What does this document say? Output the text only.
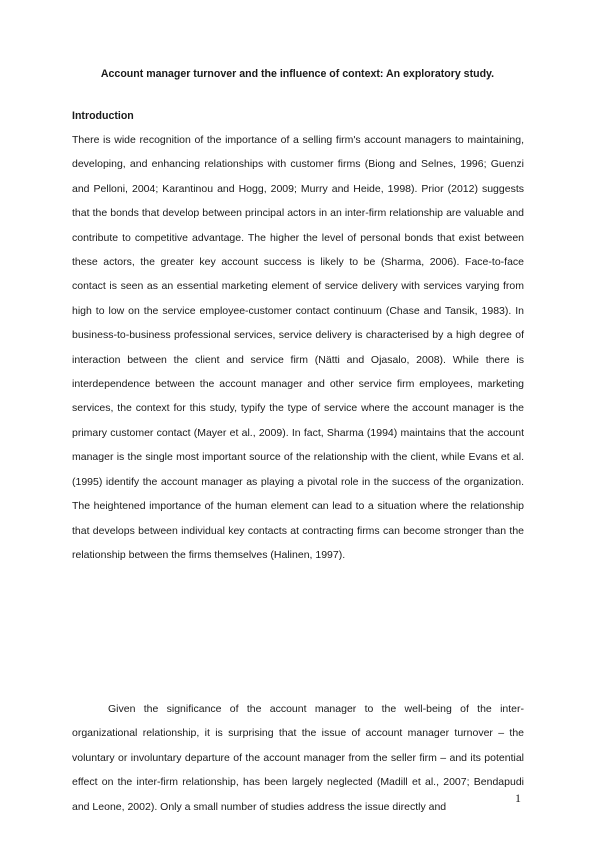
Account manager turnover and the influence of context: An exploratory study.
Introduction

There is wide recognition of the importance of a selling firm's account managers to maintaining, developing, and enhancing relationships with customer firms (Biong and Selnes, 1996; Guenzi and Pelloni, 2004; Karantinou and Hogg, 2009; Murry and Heide, 1998). Prior (2012) suggests that the bonds that develop between principal actors in an inter-firm relationship are valuable and contribute to competitive advantage. The higher the level of personal bonds that exist between these actors, the greater key account success is likely to be (Sharma, 2006). Face-to-face contact is seen as an essential marketing element of service delivery with services varying from high to low on the service employee-customer contact continuum (Chase and Tansik, 1983). In business-to-business professional services, service delivery is characterised by a high degree of interaction between the client and service firm (Nätti and Ojasalo, 2008). While there is interdependence between the account manager and other service firm employees, marketing services, the context for this study, typify the type of service where the account manager is the primary customer contact (Mayer et al., 2009). In fact, Sharma (1994) maintains that the account manager is the single most important source of the relationship with the client, while Evans et al. (1995) identify the account manager as playing a pivotal role in the success of the organization. The heightened importance of the human element can lead to a situation where the relationship that develops between individual key contacts at contracting firms can become stronger than the relationship between the firms themselves (Halinen, 1997).

Given the significance of the account manager to the well-being of the inter-organizational relationship, it is surprising that the issue of account manager turnover – the voluntary or involuntary departure of the account manager from the seller firm – and its potential effect on the inter-firm relationship, has been largely neglected (Madill et al., 2007; Bendapudi and Leone, 2002). Only a small number of studies address the issue directly and

1
